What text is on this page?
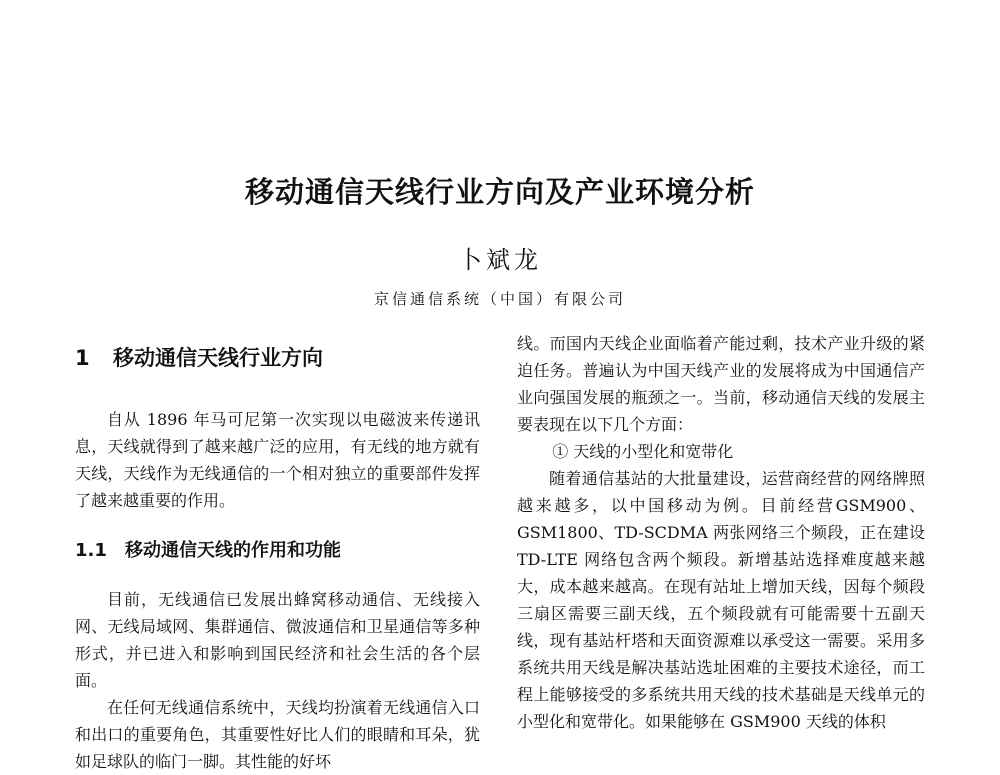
移动通信天线行业方向及产业环境分析
卜斌龙
京信通信系统（中国）有限公司
1 移动通信天线行业方向

自从 1896 年马可尼第一次实现以电磁波来传递讯息，天线就得到了越来越广泛的应用，有无线的地方就有天线，天线作为无线通信的一个相对独立的重要部件发挥了越来越重要的作用。

1.1 移动通信天线的作用和功能

目前，无线通信已发展出蜂窝移动通信、无线接入网、无线局域网、集群通信、微波通信和卫星通信等多种形式，并已进入和影响到国民经济和社会生活的各个层面。

在任何无线通信系统中，天线均扮演着无线通信入口和出口的重要角色，其重要性好比人们的眼睛和耳朵，犹如足球队的临门一脚。其性能的好坏

线。而国内天线企业面临着产能过剩，技术产业升级的紧迫任务。普遍认为中国天线产业的发展将成为中国通信产业向强国发展的瓶颈之一。当前，移动通信天线的发展主要表现在以下几个方面：

① 天线的小型化和宽带化

随着通信基站的大批量建设，运营商经营的网络牌照越来越多，以中国移动为例。目前经营GSM900、GSM1800、TD-SCDMA 两张网络三个频段，正在建设 TD-LTE 网络包含两个频段。新增基站选择难度越来越大，成本越来越高。在现有站址上增加天线，因每个频段三扇区需要三副天线，五个频段就有可能需要十五副天线，现有基站杆塔和天面资源难以承受这一需要。采用多系统共用天线是解决基站选址困难的主要技术途径，而工程上能够接受的多系统共用天线的技术基础是天线单元的小型化和宽带化。如果能够在 GSM900 天线的体积
